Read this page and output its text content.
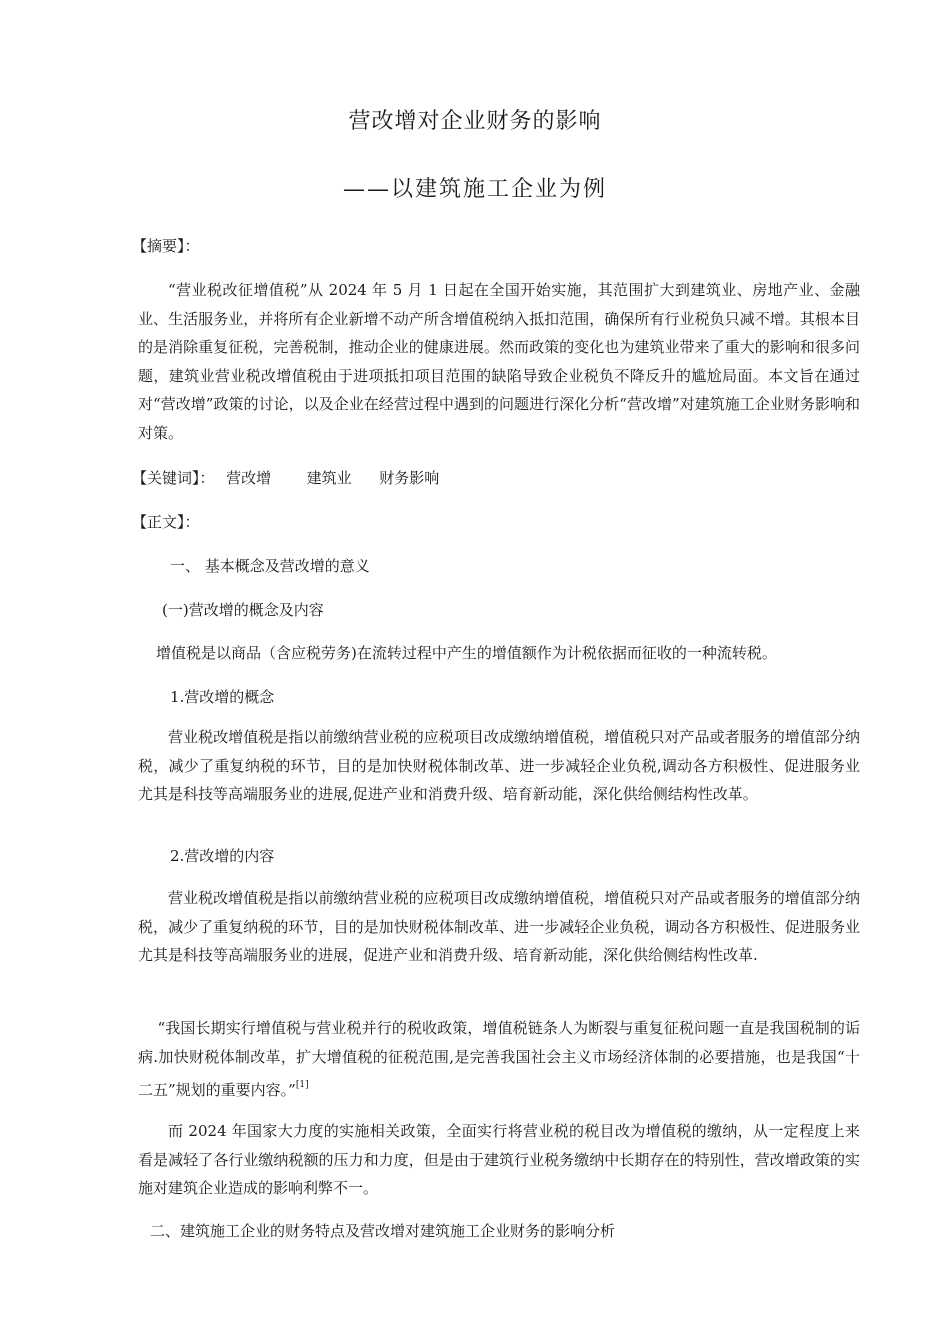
营改增对企业财务的影响
——以建筑施工企业为例
【摘要】：
“营业税改征增值税”从 2024 年 5 月 1 日起在全国开始实施，其范围扩大到建筑业、房地产业、金融业、生活服务业，并将所有企业新增不动产所含增值税纳入抵扣范围，确保所有行业税负只减不增。其根本目的是消除重复征税，完善税制，推动企业的健康进展。然而政策的变化也为建筑业带来了重大的影响和很多问题，建筑业营业税改增值税由于进项抵扣项目范围的缺陷导致企业税负不降反升的尴尬局面。本文旨在通过对“营改增”政策的讨论，以及企业在经营过程中遇到的问题进行深化分析“营改增”对建筑施工企业财务影响和对策。
【关键词】： 营改增 建筑业 财务影响
【正文】：
一、 基本概念及营改增的意义
(一)营改增的概念及内容
增值税是以商品（含应税劳务)在流转过程中产生的增值额作为计税依据而征收的一种流转税。
1.营改增的概念
营业税改增值税是指以前缴纳营业税的应税项目改成缴纳增值税，增值税只对产品或者服务的增值部分纳税，减少了重复纳税的环节，目的是加快财税体制改革、进一步减轻企业负税,调动各方积极性、促进服务业尤其是科技等高端服务业的进展,促进产业和消费升级、培育新动能，深化供给侧结构性改革。
2.营改增的内容
营业税改增值税是指以前缴纳营业税的应税项目改成缴纳增值税，增值税只对产品或者服务的增值部分纳税，减少了重复纳税的环节，目的是加快财税体制改革、进一步减轻企业负税，调动各方积极性、促进服务业尤其是科技等高端服务业的进展，促进产业和消费升级、培育新动能，深化供给侧结构性改革.
“我国长期实行增值税与营业税并行的税收政策，增值税链条人为断裂与重复征税问题一直是我国税制的诟病.加快财税体制改革，扩大增值税的征税范围,是完善我国社会主义市场经济体制的必要措施，也是我国“十二五”规划的重要内容。”[1]
而 2024 年国家大力度的实施相关政策，全面实行将营业税的税目改为增值税的缴纳，从一定程度上来看是减轻了各行业缴纳税额的压力和力度，但是由于建筑行业税务缴纳中长期存在的特别性，营改增政策的实施对建筑企业造成的影响利弊不一。
二、建筑施工企业的财务特点及营改增对建筑施工企业财务的影响分析
